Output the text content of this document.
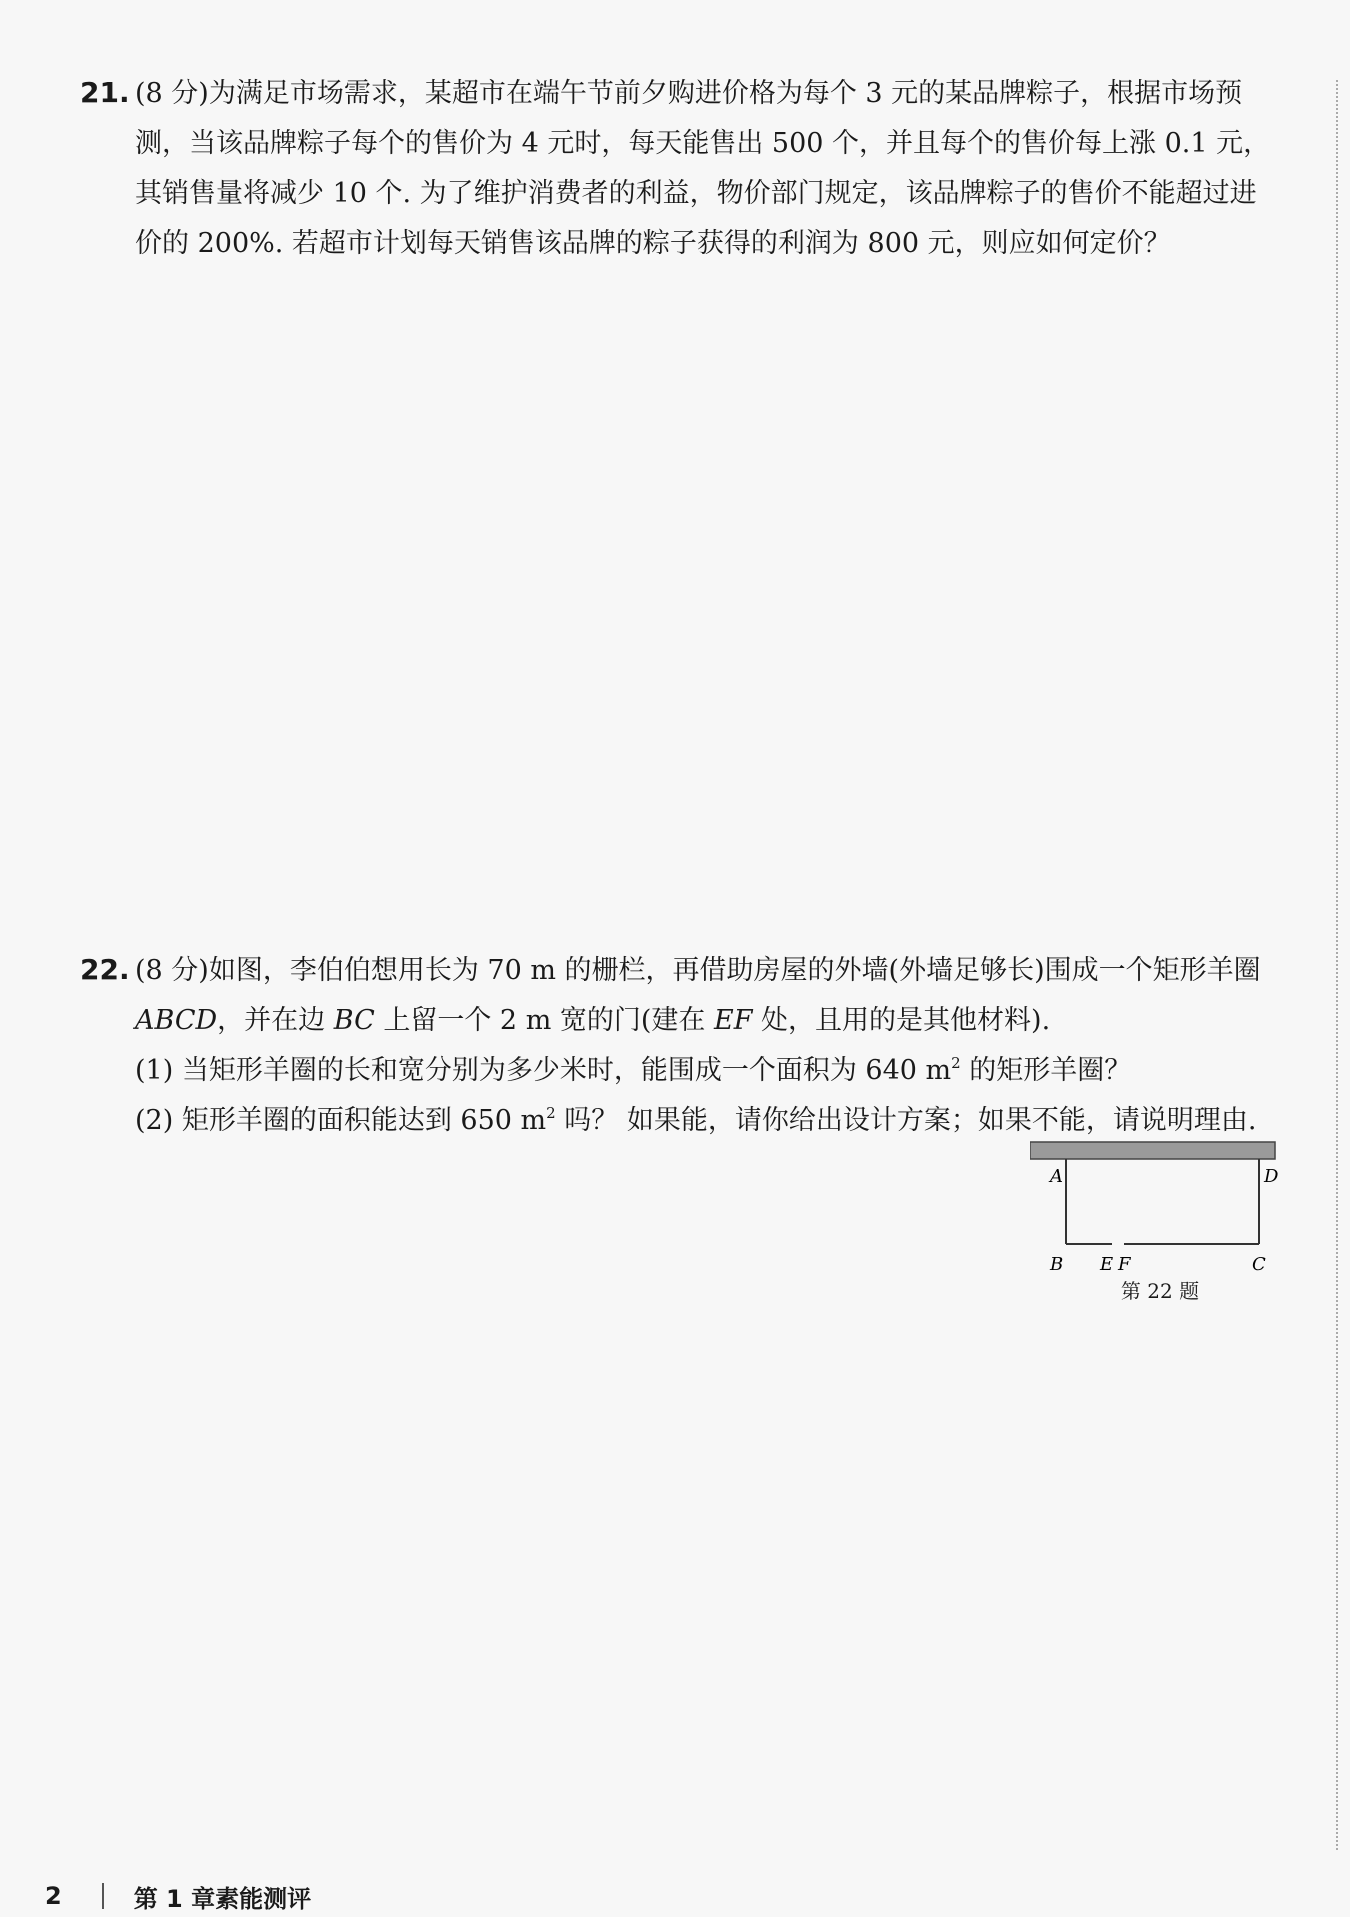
21. (8 分)为满足市场需求，某超市在端午节前夕购进价格为每个 3 元的某品牌粽子，根据市场预测，当该品牌粽子每个的售价为 4 元时，每天能售出 500 个，并且每个的售价每上涨 0.1 元，其销售量将减少 10 个. 为了维护消费者的利益，物价部门规定，该品牌粽子的售价不能超过进价的 200%. 若超市计划每天销售该品牌的粽子获得的利润为 800 元，则应如何定价？
22. (8 分)如图，李伯伯想用长为 70 m 的栅栏，再借助房屋的外墙(外墙足够长)围成一个矩形羊圈 ABCD，并在边 BC 上留一个 2 m 宽的门(建在 EF 处，且用的是其他材料).
(1) 当矩形羊圈的长和宽分别为多少米时，能围成一个面积为 640 $m^2$ 的矩形羊圈？
(2) 矩形羊圈的面积能达到 650 $m^2$ 吗？ 如果能，请你给出设计方案；如果不能，请说明理由.
A	D
B E F	C
第 22 题
2	第 1 章素能测评
